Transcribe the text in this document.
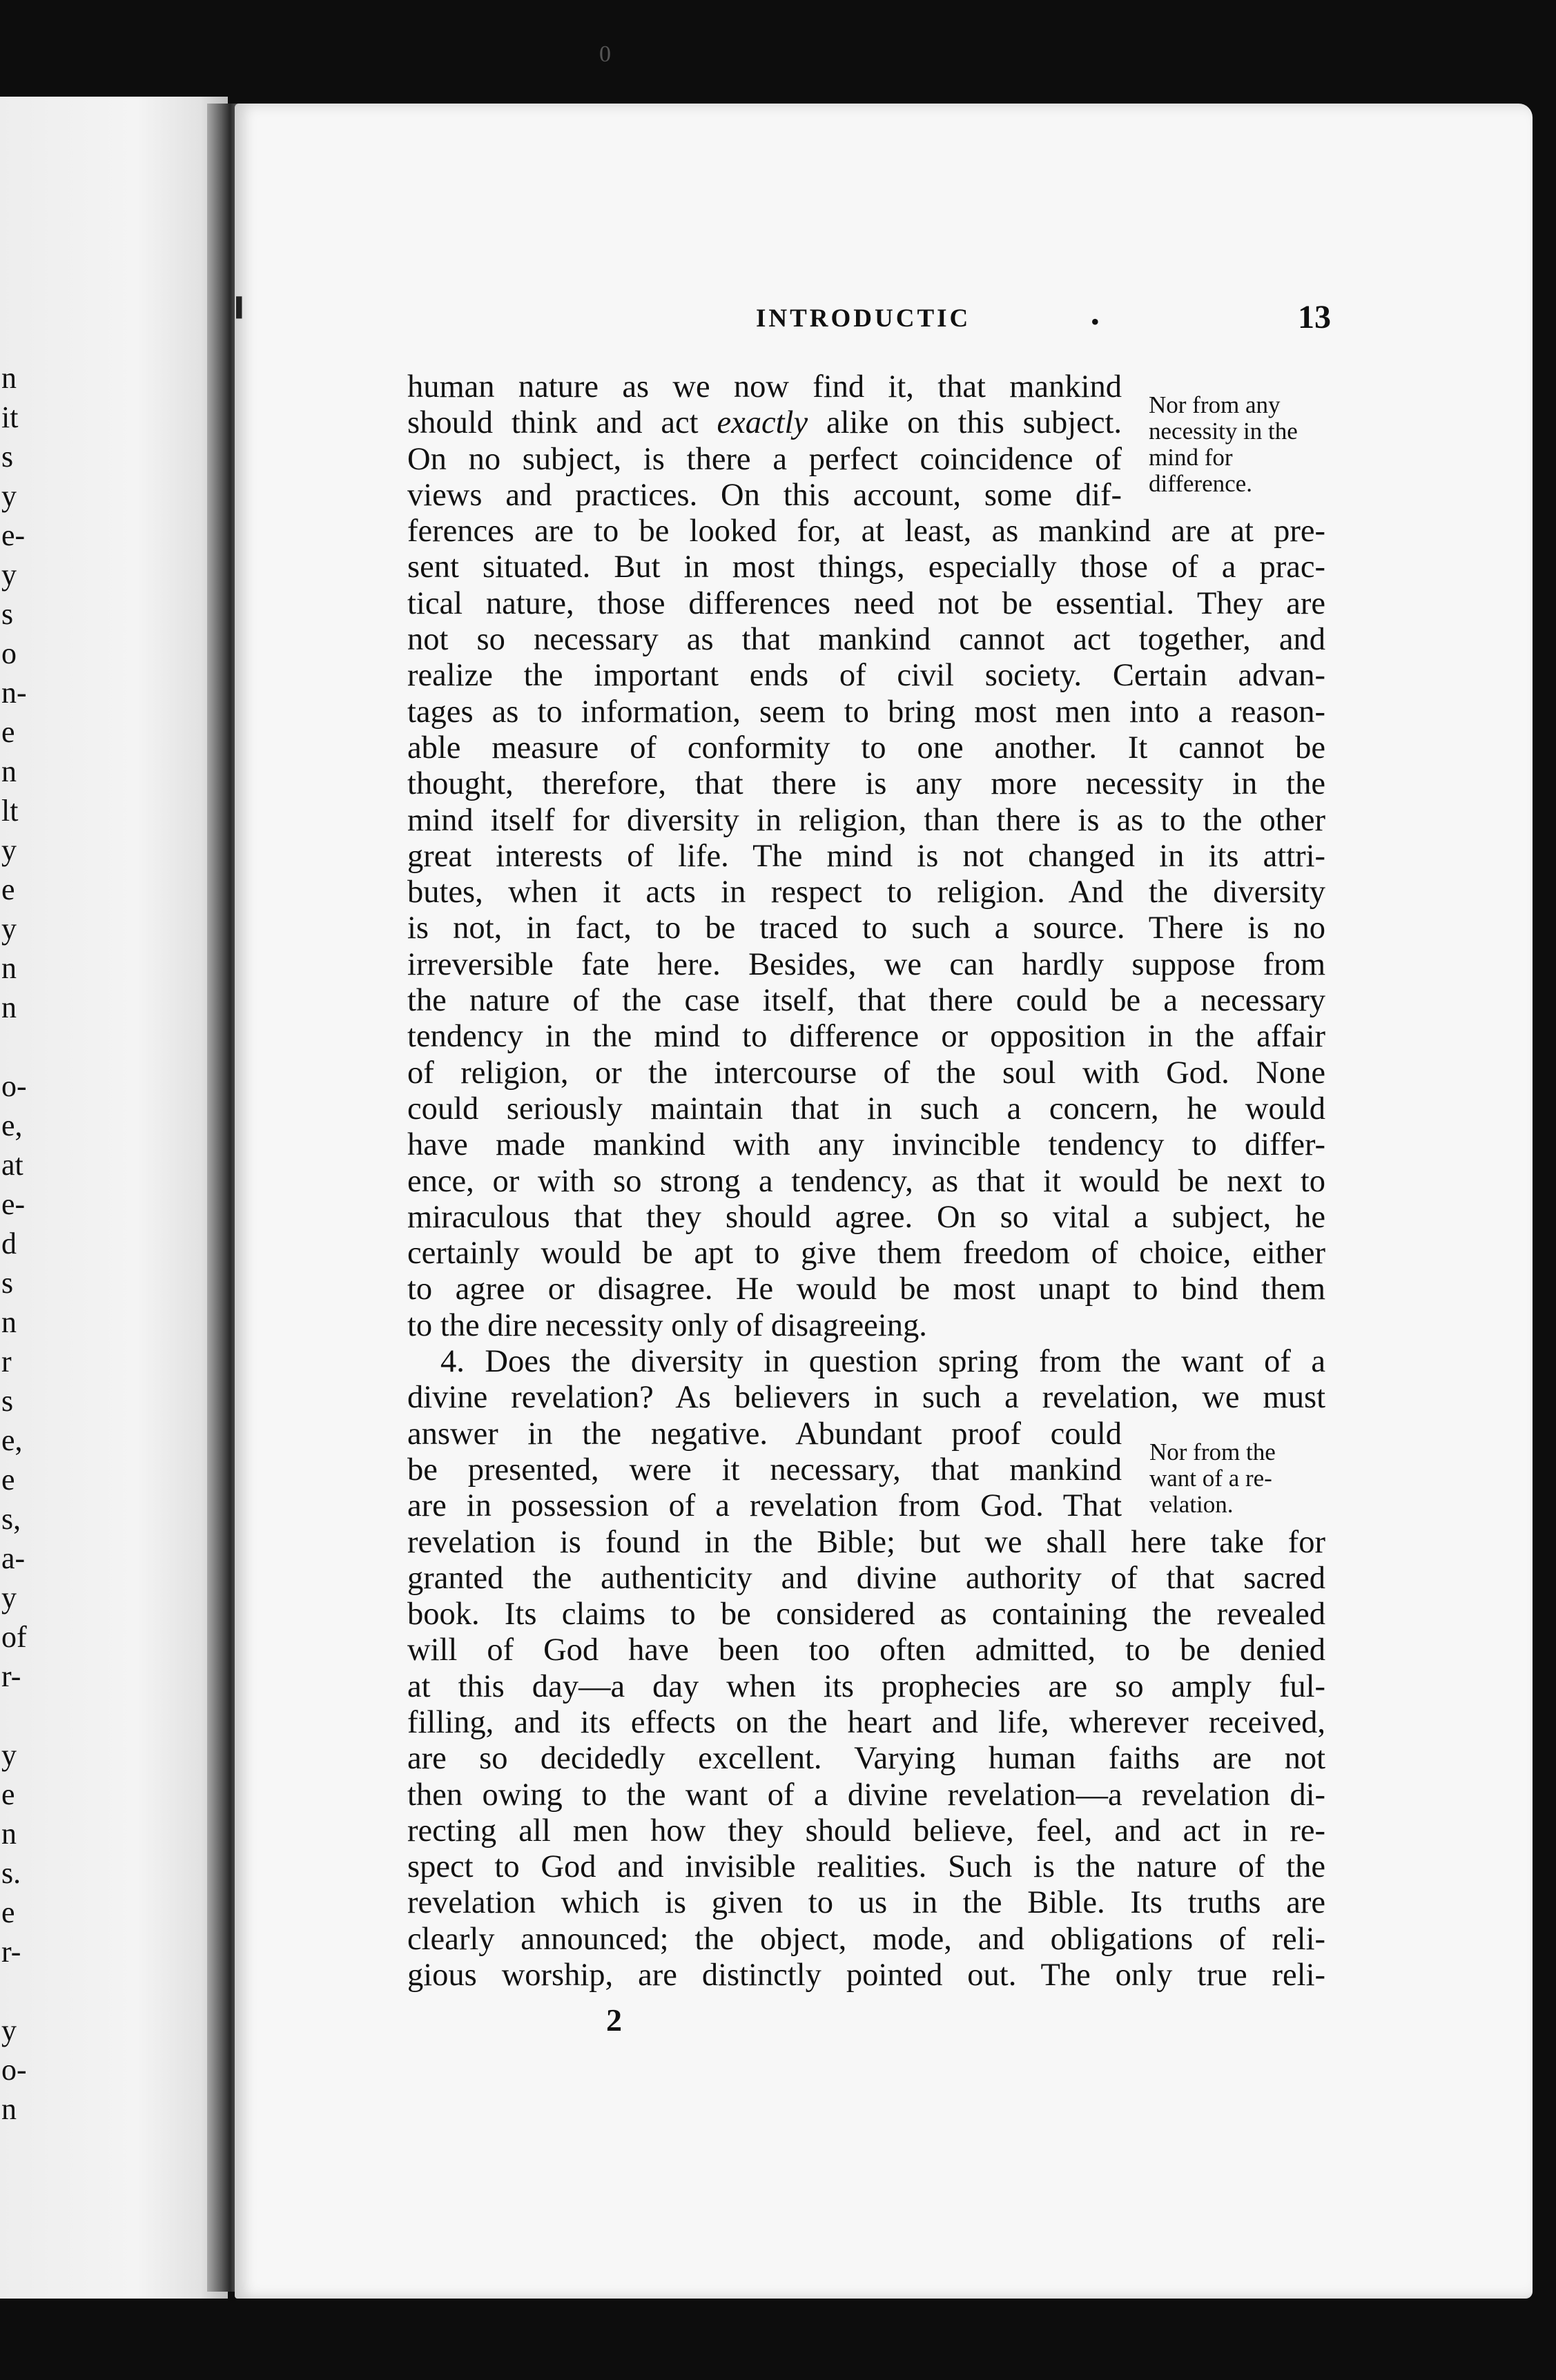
n
it
s
y
e-
y
s
o
n-
e
n
lt
y
e
y
n
n
o-
e,
at
e-
d
s
n
r
s
e,
e
s,
a-
y
of
r-
y
e
n
s.
e
r-
y
o-
n
0
╹	INTRODUCTIC	•	13
Nor from any necessity in the mind for difference.
Nor from the want of a re-velation.
human nature as we now find it, that mankind
should think and act exactly alike on this subject.
On no subject, is there a perfect coincidence of
views and practices. On this account, some dif-
ferences are to be looked for, at least, as mankind are at pre-
sent situated. But in most things, especially those of a prac-
tical nature, those differences need not be essential. They are
not so necessary as that mankind cannot act together, and
realize the important ends of civil society. Certain advan-
tages as to information, seem to bring most men into a reason-
able measure of conformity to one another. It cannot be
thought, therefore, that there is any more necessity in the
mind itself for diversity in religion, than there is as to the other
great interests of life. The mind is not changed in its attri-
butes, when it acts in respect to religion. And the diversity
is not, in fact, to be traced to such a source. There is no
irreversible fate here. Besides, we can hardly suppose from
the nature of the case itself, that there could be a necessary
tendency in the mind to difference or opposition in the affair
of religion, or the intercourse of the soul with God. None
could seriously maintain that in such a concern, he would
have made mankind with any invincible tendency to differ-
ence, or with so strong a tendency, as that it would be next to
miraculous that they should agree. On so vital a subject, he
certainly would be apt to give them freedom of choice, either
to agree or disagree. He would be most unapt to bind them
to the dire necessity only of disagreeing.
4. Does the diversity in question spring from the want of a
divine revelation? As believers in such a revelation, we must
answer in the negative. Abundant proof could
be presented, were it necessary, that mankind
are in possession of a revelation from God. That
revelation is found in the Bible; but we shall here take for
granted the authenticity and divine authority of that sacred
book. Its claims to be considered as containing the revealed
will of God have been too often admitted, to be denied
at this day—a day when its prophecies are so amply ful-
filling, and its effects on the heart and life, wherever received,
are so decidedly excellent. Varying human faiths are not
then owing to the want of a divine revelation—a revelation di-
recting all men how they should believe, feel, and act in re-
spect to God and invisible realities. Such is the nature of the
revelation which is given to us in the Bible. Its truths are
clearly announced; the object, mode, and obligations of reli-
gious worship, are distinctly pointed out. The only true reli-
2
